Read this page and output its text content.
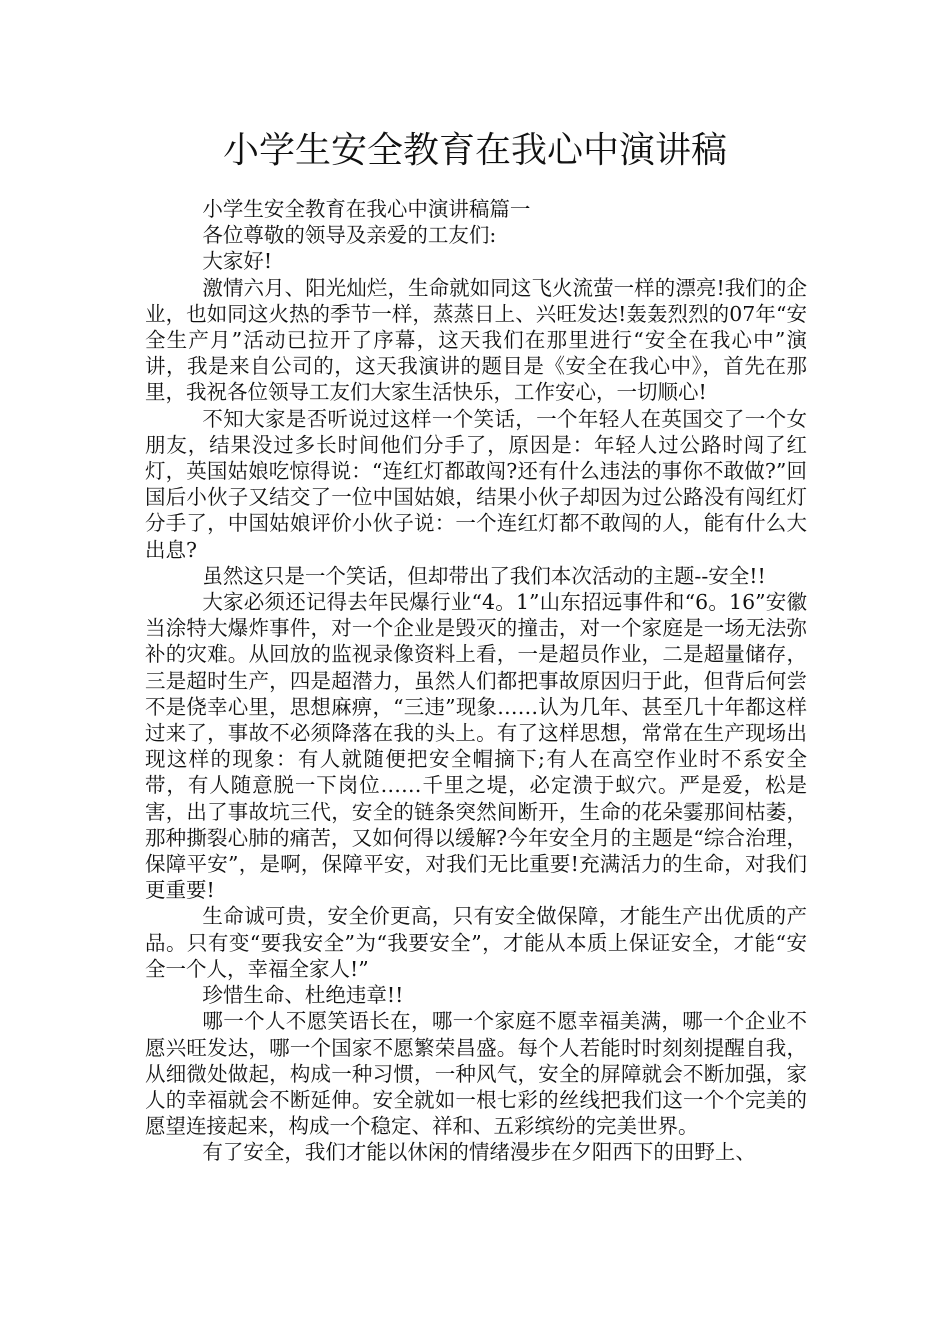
小学生安全教育在我心中演讲稿

小学生安全教育在我心中演讲稿篇一

各位尊敬的领导及亲爱的工友们:

大家好!

激情六月、阳光灿烂，生命就如同这飞火流萤一样的漂亮!我们的企业，也如同这火热的季节一样，蒸蒸日上、兴旺发达!轰轰烈烈的07年“安全生产月”活动已拉开了序幕，这天我们在那里进行“安全在我心中”演讲，我是来自公司的，这天我演讲的题目是《安全在我心中》，首先在那里，我祝各位领导工友们大家生活快乐，工作安心，一切顺心!

不知大家是否听说过这样一个笑话，一个年轻人在英国交了一个女朋友，结果没过多长时间他们分手了，原因是：年轻人过公路时闯了红灯，英国姑娘吃惊得说：“连红灯都敢闯?还有什么违法的事你不敢做?”回国后小伙子又结交了一位中国姑娘，结果小伙子却因为过公路没有闯红灯分手了，中国姑娘评价小伙子说：一个连红灯都不敢闯的人，能有什么大出息?

虽然这只是一个笑话，但却带出了我们本次活动的主题--安全!!

大家必须还记得去年民爆行业“4。1”山东招远事件和“6。16”安徽当涂特大爆炸事件，对一个企业是毁灭的撞击，对一个家庭是一场无法弥补的灾难。从回放的监视录像资料上看，一是超员作业，二是超量储存，三是超时生产，四是超潜力，虽然人们都把事故原因归于此，但背后何尝不是侥幸心里，思想麻痹，“三违”现象……认为几年、甚至几十年都这样过来了，事故不必须降落在我的头上。有了这样思想，常常在生产现场出现这样的现象：有人就随便把安全帽摘下;有人在高空作业时不系安全带，有人随意脱一下岗位……千里之堤，必定溃于蚁穴。严是爱，松是害，出了事故坑三代，安全的链条突然间断开，生命的花朵霎那间枯萎，那种撕裂心肺的痛苦，又如何得以缓解?今年安全月的主题是“综合治理，保障平安”，是啊，保障平安，对我们无比重要!充满活力的生命，对我们更重要!

生命诚可贵，安全价更高，只有安全做保障，才能生产出优质的产品。只有变“要我安全”为“我要安全”，才能从本质上保证安全，才能“安全一个人，幸福全家人!”

珍惜生命、杜绝违章!!

哪一个人不愿笑语长在，哪一个家庭不愿幸福美满，哪一个企业不愿兴旺发达，哪一个国家不愿繁荣昌盛。每个人若能时时刻刻提醒自我，从细微处做起，构成一种习惯，一种风气，安全的屏障就会不断加强，家人的幸福就会不断延伸。安全就如一根七彩的丝线把我们这一个个完美的愿望连接起来，构成一个稳定、祥和、五彩缤纷的完美世界。

有了安全，我们才能以休闲的情绪漫步在夕阳西下的田野上、
